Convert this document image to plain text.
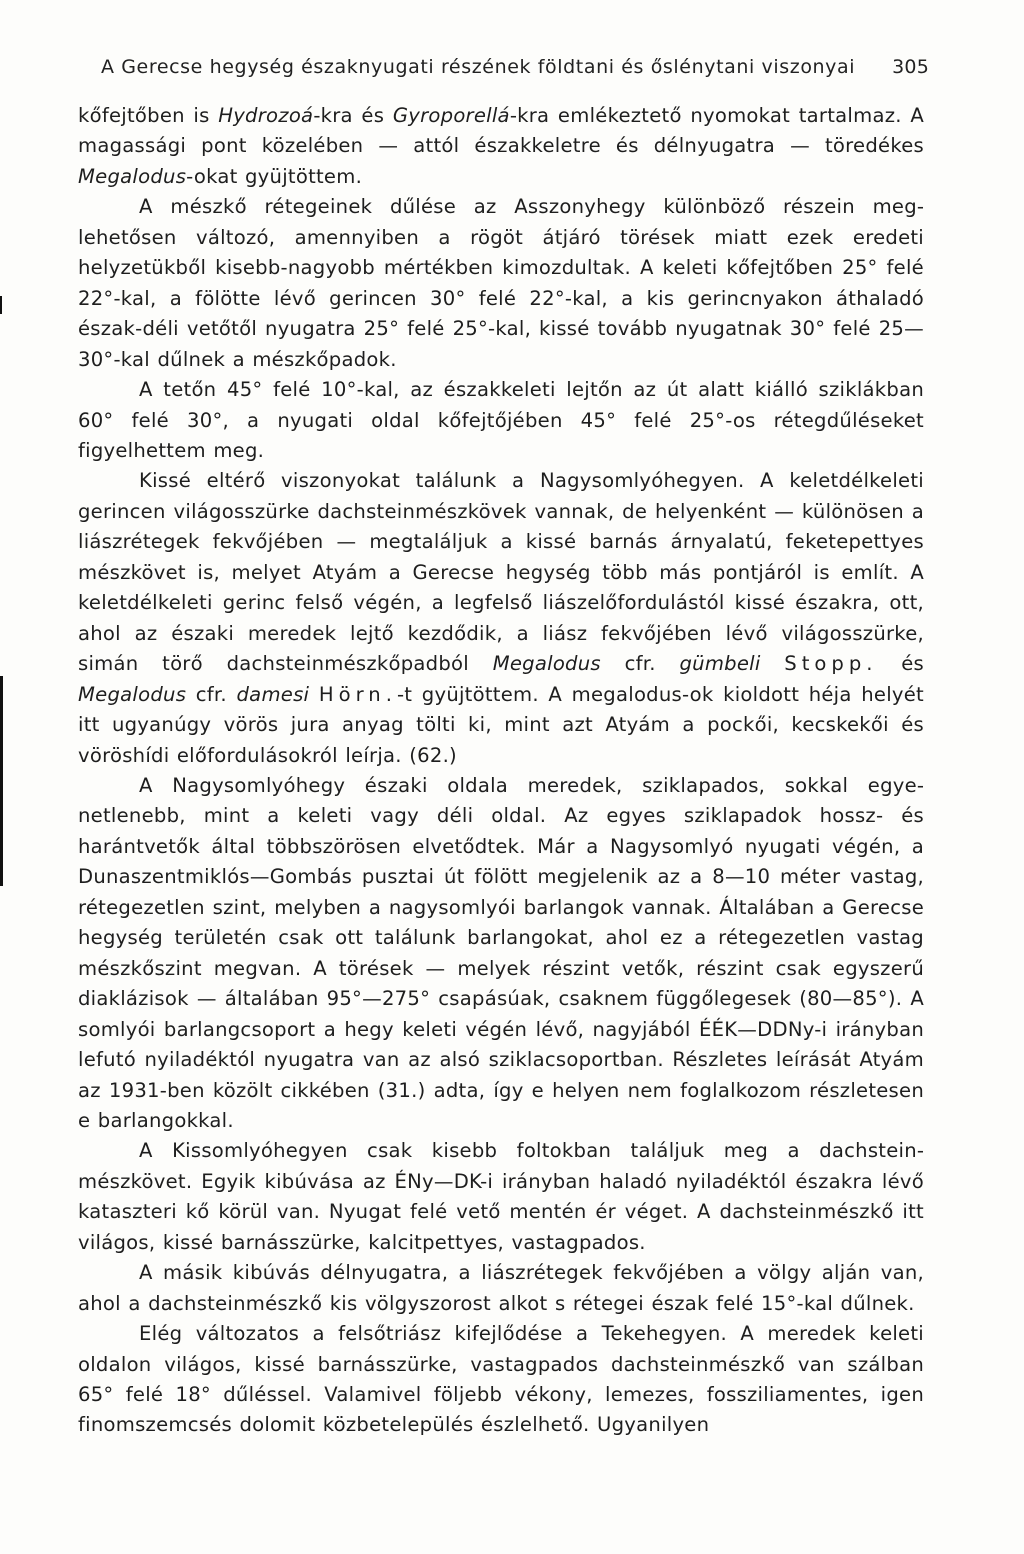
A Gerecse hegység északnyugati részének földtani és őslénytani viszonyai 305

kőfejtőben is Hydrozoá-kra és Gyroporellá-kra emlékeztető nyomokat tartalmaz. A magassági pont közelében — attól északkeletre és délnyugatra — töredékes Megalodus-okat gyüjtöttem.

A mészkő rétegeinek dűlése az Asszonyhegy különböző részein meglehetősen változó, amennyiben a rögöt átjáró törések miatt ezek eredeti helyzetükből kisebb-nagyobb mértékben kimozdultak. A keleti kőfejtőben 25° felé 22°-kal, a fölötte lévő gerincen 30° felé 22°-kal, a kis gerincnyakon áthaladó észak-déli vetőtől nyugatra 25° felé 25°-kal, kissé tovább nyugatnak 30° felé 25—30°-kal dűlnek a mészkőpadok.

A tetőn 45° felé 10°-kal, az északkeleti lejtőn az út alatt kiálló sziklákban 60° felé 30°, a nyugati oldal kőfejtőjében 45° felé 25°-os rétegdűléseket figyelhettem meg.

Kissé eltérő viszonyokat találunk a Nagysomlyóhegyen. A keletdélkeleti gerincen világosszürke dachsteinmészkövek vannak, de helyenként — különösen a liászrétegek fekvőjében — megtaláljuk a kissé barnás árnyalatú, feketepettyes mészkövet is, melyet Atyám a Gerecse hegység több más pontjáról is említ. A keletdélkeleti gerinc felső végén, a legfelső liászelőfordulástól kissé északra, ott, ahol az északi meredek lejtő kezdődik, a liász fekvőjében lévő világosszürke, simán törő dachsteinmészkőpadból Megalodus cfr. gümbeli Stopp. és Megalodus cfr. damesi Hörn.-t gyüjtöttem. A megalodus-ok kioldott héja helyét itt ugyanúgy vörös jura anyag tölti ki, mint azt Atyám a pockői, kecskekői és vöröshídi előfordulásokról leírja. (62.)

A Nagysomlyóhegy északi oldala meredek, sziklapados, sokkal egyenetlenebb, mint a keleti vagy déli oldal. Az egyes sziklapadok hossz- és harántvetők által többszörösen elvetődtek. Már a Nagysomlyó nyugati végén, a Dunaszentmiklós—Gombás pusztai út fölött megjelenik az a 8—10 méter vastag, rétegezetlen szint, melyben a nagysomlyói barlangok vannak. Általában a Gerecse hegység területén csak ott találunk barlangokat, ahol ez a rétegezetlen vastag mészkőszint megvan. A törések — melyek részint vetők, részint csak egyszerű diaklázisok — általában 95°—275° csapásúak, csaknem függőlegesek (80—85°). A somlyói barlangcsoport a hegy keleti végén lévő, nagyjából ÉÉK—DDNy-i irányban lefutó nyiladéktól nyugatra van az alsó sziklacsoportban. Részletes leírását Atyám az 1931-ben közölt cikkében (31.) adta, így e helyen nem foglalkozom részletesen e barlangokkal.

A Kissomlyóhegyen csak kisebb foltokban találjuk meg a dachsteinmészkövet. Egyik kibúvása az ÉNy—DK-i irányban haladó nyiladéktól északra lévő kataszteri kő körül van. Nyugat felé vető mentén ér véget. A dachsteinmészkő itt világos, kissé barnásszürke, kalcitpettyes, vastagpados.

A másik kibúvás délnyugatra, a liászrétegek fekvőjében a völgy alján van, ahol a dachsteinmészkő kis völgyszorost alkot s rétegei észak felé 15°-kal dűlnek.

Elég változatos a felsőtriász kifejlődése a Tekehegyen. A meredek keleti oldalon világos, kissé barnásszürke, vastagpados dachsteinmészkő van szálban 65° felé 18° dűléssel. Valamivel följebb vékony, lemezes, fossziliamentes, igen finomszemcsés dolomit közbetelepülés észlelhető. Ugyanilyen
